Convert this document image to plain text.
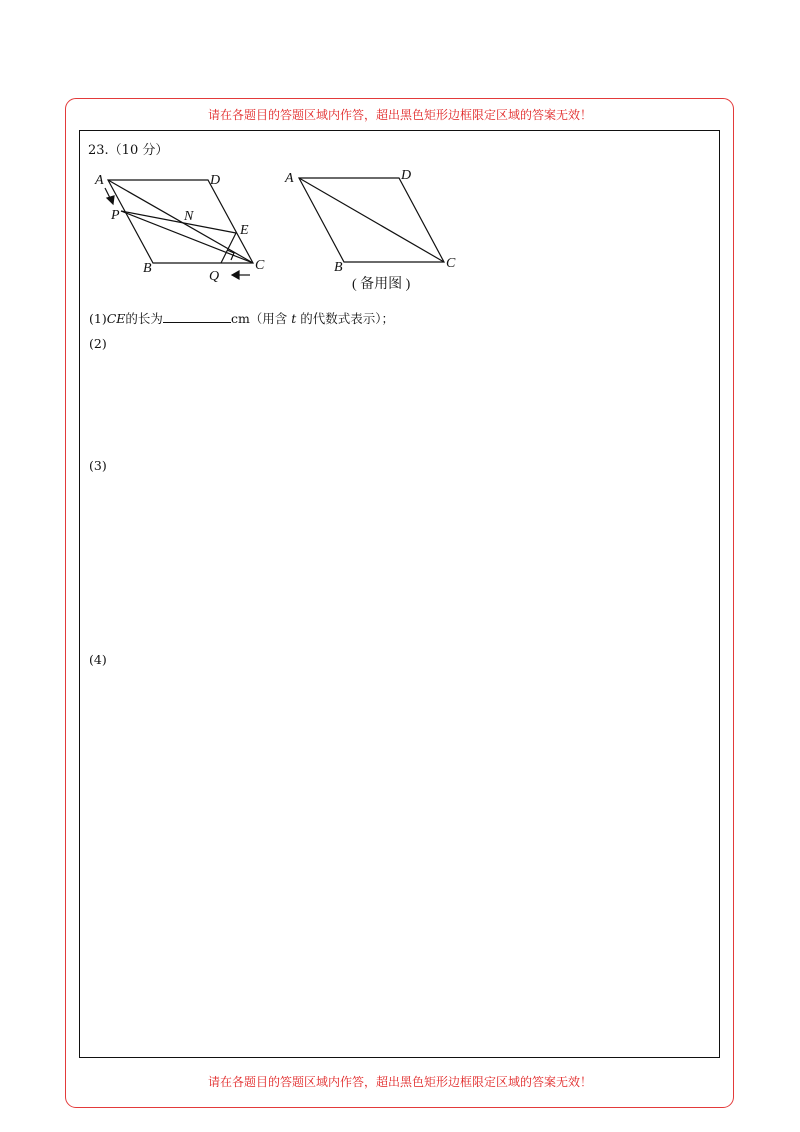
请在各题目的答题区域内作答，超出黑色矩形边框限定区域的答案无效！
请在各题目的答题区域内作答，超出黑色矩形边框限定区域的答案无效！
23.（10 分）
A	D
P	N
E
B
Q
C
A	D
B	C
( 备用图 )
(1)CE的长为	cm（用含 t 的代数式表示）；
(2)
(3)
(4)
